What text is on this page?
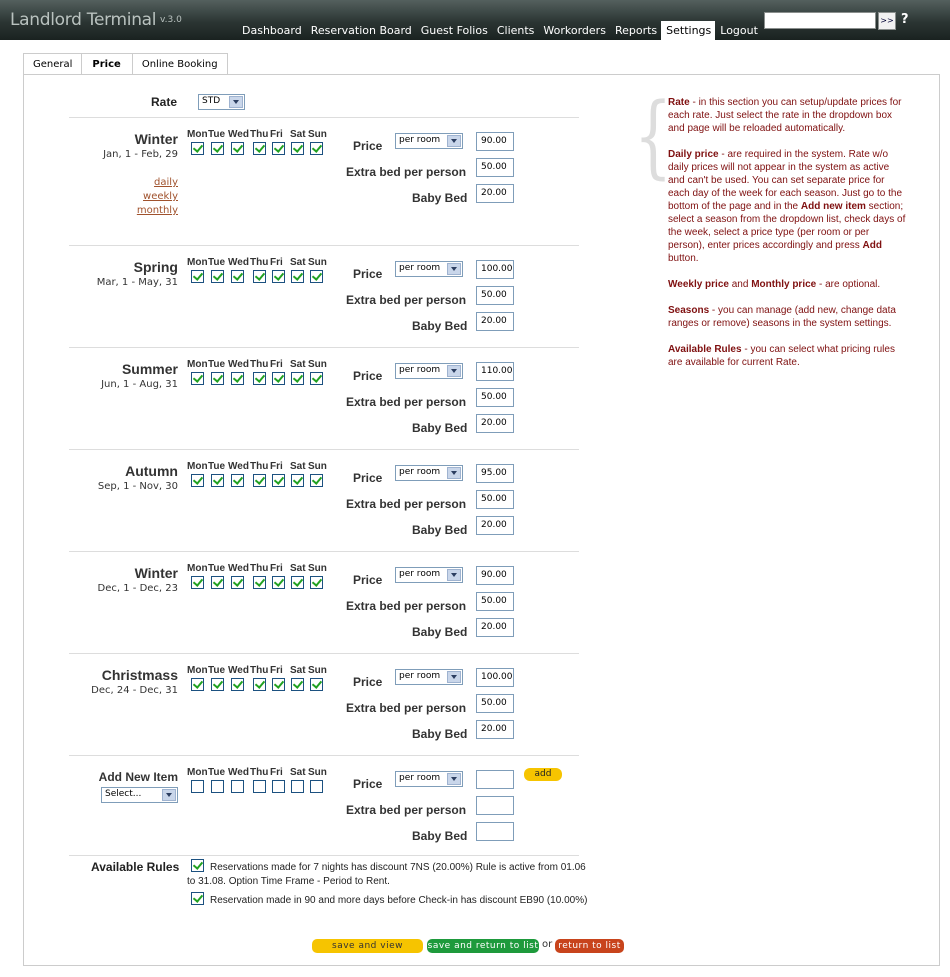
Landlord Terminal v.3.0
Dashboard Reservation Board Guest Folios Clients Workorders Reports Settings Logout
>> ?
General	Price	Online Booking
Rate	STD
Winter
Jan, 1 - Feb, 29
daily
weekly
monthly
Mon Tue Wed Thu Fri Sat Sun
Price	per room	90.00
Extra bed per person	50.00
Baby Bed	20.00
Spring
Mar, 1 - May, 31
Mon Tue Wed Thu Fri Sat Sun
Price	per room	100.00
Extra bed per person	50.00
Baby Bed	20.00
Summer
Jun, 1 - Aug, 31
Mon Tue Wed Thu Fri Sat Sun
Price	per room	110.00
Extra bed per person	50.00
Baby Bed	20.00
Autumn
Sep, 1 - Nov, 30
Mon Tue Wed Thu Fri Sat Sun
Price	per room	95.00
Extra bed per person	50.00
Baby Bed	20.00
Winter
Dec, 1 - Dec, 23
Mon Tue Wed Thu Fri Sat Sun
Price	per room	90.00
Extra bed per person	50.00
Baby Bed	20.00
Christmass
Dec, 24 - Dec, 31
Mon Tue Wed Thu Fri Sat Sun
Price	per room	100.00
Extra bed per person	50.00
Baby Bed	20.00
Add New Item
Select...
Mon Tue Wed Thu Fri Sat Sun
Price	per room
Extra bed per person
Baby Bed
add
Available Rules	Reservations made for 7 nights has discount 7NS (20.00%) Rule is active from 01.06
to 31.08. Option Time Frame - Period to Rent.
Reservation made in 90 and more days before Check-in has discount EB90 (10.00%)
save and view	save and return to list or return to list
{

Rate - in this section you can setup/update prices for each rate. Just select the rate in the dropdown box and page will be reloaded automatically.

Daily price - are required in the system. Rate w/o daily prices will not appear in the system as active and can't be used. You can set separate price for each day of the week for each season. Just go to the bottom of the page and in the Add new item section; select a season from the dropdown list, check days of the week, select a price type (per room or per person), enter prices accordingly and press Add button.

Weekly price and Monthly price - are optional.

Seasons - you can manage (add new, change data ranges or remove) seasons in the system settings.

Available Rules - you can select what pricing rules are available for current Rate.
